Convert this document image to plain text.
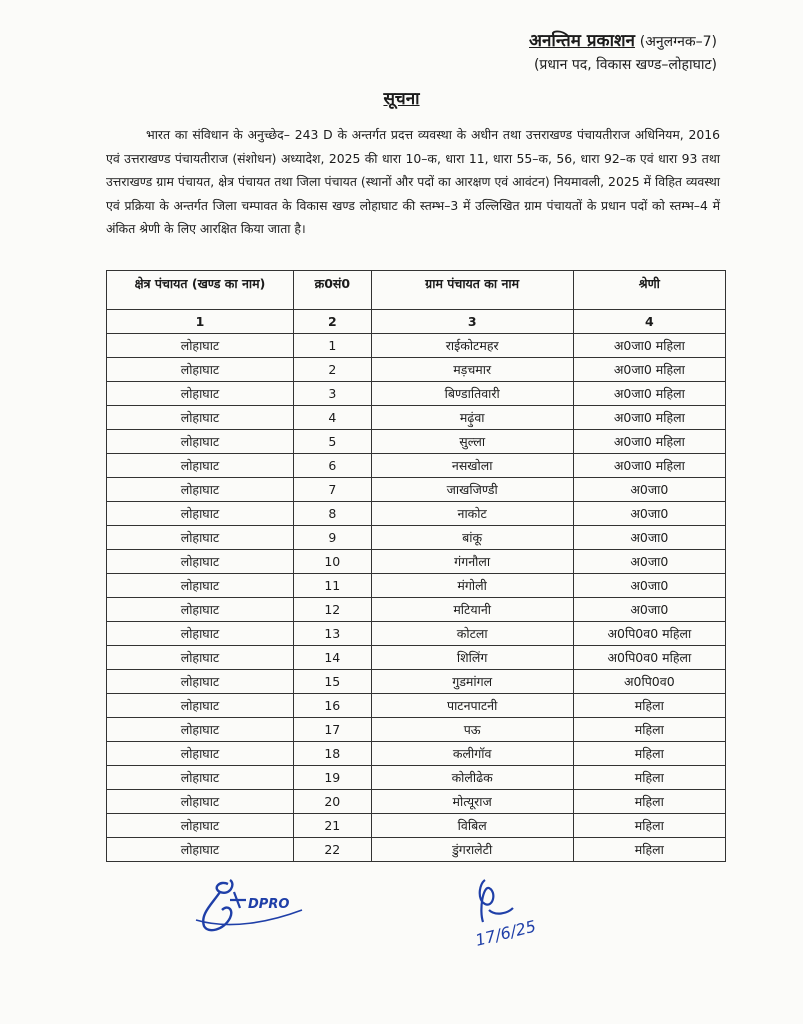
अनन्तिम प्रकाशन (अनुलग्नक–7)
(प्रधान पद, विकास खण्ड–लोहाघाट)
सूचना
भारत का संविधान के अनुच्छेद– 243 D के अन्तर्गत प्रदत्त व्यवस्था के अधीन तथा उत्तराखण्ड पंचायतीराज अधिनियम, 2016 एवं उत्तराखण्ड पंचायतीराज (संशोधन) अध्यादेश, 2025 की धारा 10–क, धारा 11, धारा 55–क, 56, धारा 92–क एवं धारा 93 तथा उत्तराखण्ड ग्राम पंचायत, क्षेत्र पंचायत तथा जिला पंचायत (स्थानों और पदों का आरक्षण एवं आवंटन) नियमावली, 2025 में विहित व्यवस्था एवं प्रक्रिया के अन्तर्गत जिला चम्पावत के विकास खण्ड लोहाघाट की स्तम्भ–3 में उल्लिखित ग्राम पंचायतों के प्रधान पदों को स्तम्भ–4 में अंकित श्रेणी के लिए आरक्षित किया जाता है।
क्षेत्र पंचायत (खण्ड का नाम)	क्र0सं0	ग्राम पंचायत का नाम	श्रेणी
1	2	3	4
लोहाघाट	1	राईकोटमहर	अ0जा0 महिला
लोहाघाट	2	मड़चमार	अ0जा0 महिला
लोहाघाट	3	बिण्डातिवारी	अ0जा0 महिला
लोहाघाट	4	मढ़ुंवा	अ0जा0 महिला
लोहाघाट	5	सुल्ला	अ0जा0 महिला
लोहाघाट	6	नसखोला	अ0जा0 महिला
लोहाघाट	7	जाखजिण्डी	अ0जा0
लोहाघाट	8	नाकोट	अ0जा0
लोहाघाट	9	बांकू	अ0जा0
लोहाघाट	10	गंगनौला	अ0जा0
लोहाघाट	11	मंगोली	अ0जा0
लोहाघाट	12	मटियानी	अ0जा0
लोहाघाट	13	कोटला	अ0पि0व0 महिला
लोहाघाट	14	शिलिंग	अ0पि0व0 महिला
लोहाघाट	15	गुडमांगल	अ0पि0व0
लोहाघाट	16	पाटनपाटनी	महिला
लोहाघाट	17	पऊ	महिला
लोहाघाट	18	कलीगॉव	महिला
लोहाघाट	19	कोलीढेक	महिला
लोहाघाट	20	मोत्यूराज	महिला
लोहाघाट	21	विबिल	महिला
लोहाघाट	22	डुंगरालेटी	महिला
DPRO
17/6/25
